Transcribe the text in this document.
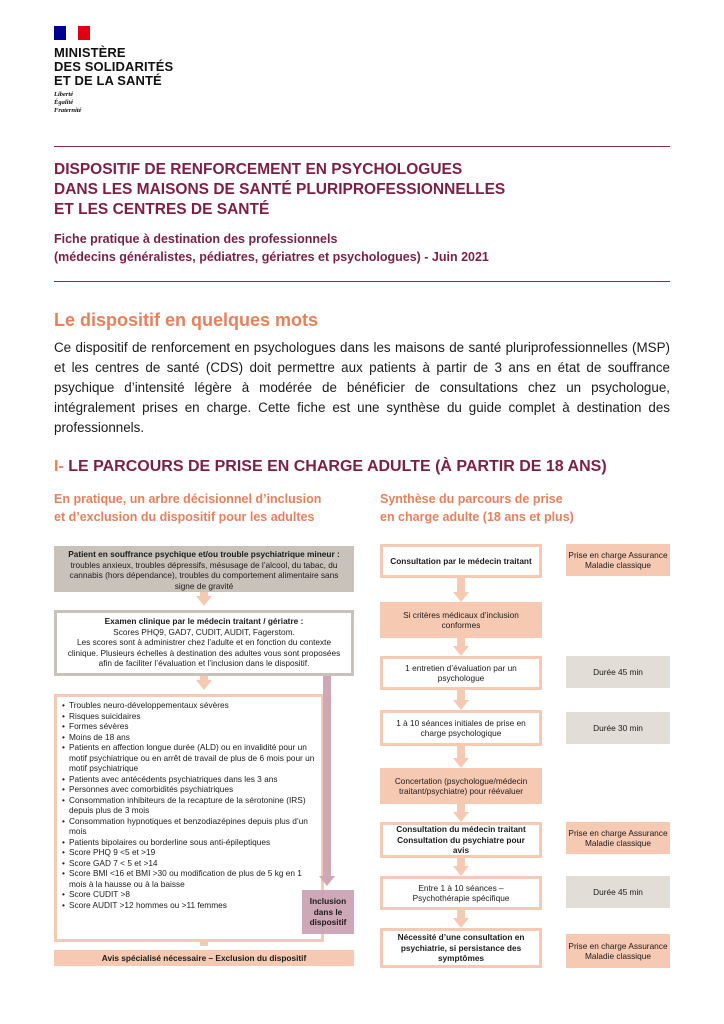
MINISTÈRE
DES SOLIDARITÉS
ET DE LA SANTÉ
Liberté
Égalité
Fraternité
DISPOSITIF DE RENFORCEMENT EN PSYCHOLOGUES
DANS LES MAISONS DE SANTÉ PLURIPROFESSIONNELLES
ET LES CENTRES DE SANTÉ
Fiche pratique à destination des professionnels
(médecins généralistes, pédiatres, gériatres et psychologues) - Juin 2021
Le dispositif en quelques mots
Ce dispositif de renforcement en psychologues dans les maisons de santé pluriprofessionnelles (MSP) et les centres de santé (CDS) doit permettre aux patients à partir de 3 ans en état de souffrance psychique d’intensité légère à modérée de bénéficier de consultations chez un psychologue, intégralement prises en charge. Cette fiche est une synthèse du guide complet à destination des professionnels.
I- LE PARCOURS DE PRISE EN CHARGE ADULTE (À PARTIR DE 18 ANS)
En pratique, un arbre décisionnel d’inclusion
et d’exclusion du dispositif pour les adultes
Synthèse du parcours de prise
en charge adulte (18 ans et plus)
Patient en souffrance psychique et/ou trouble psychiatrique mineur : troubles anxieux, troubles dépressifs, mésusage de l’alcool, du tabac, du cannabis (hors dépendance), troubles du comportement alimentaire sans signe de gravité
Examen clinique par le médecin traitant / gériatre :
Scores PHQ9, GAD7, CUDIT, AUDIT, Fagerstom.
Les scores sont à administrer chez l’adulte et en fonction du contexte clinique. Plusieurs échelles à destination des adultes vous sont proposées afin de faciliter l’évaluation et l’inclusion dans le dispositif.
• Troubles neuro-développementaux sévères
• Risques suicidaires
• Formes sévères
• Moins de 18 ans
• Patients en affection longue durée (ALD) ou en invalidité pour un motif psychiatrique ou en arrêt de travail de plus de 6 mois pour un motif psychiatrique
• Patients avec antécédents psychiatriques dans les 3 ans
• Personnes avec comorbidités psychiatriques
• Consommation inhibiteurs de la recapture de la sérotonine (IRS) depuis plus de 3 mois
• Consommation hypnotiques et benzodiazépines depuis plus d’un mois
• Patients bipolaires ou borderline sous anti-épileptiques
• Score PHQ 9 <5 et >19
• Score GAD 7 < 5 et >14
• Score BMI <16 et BMI >30 ou modification de plus de 5 kg en 1 mois à la hausse ou à la baisse
• Score CUDIT >8
• Score AUDIT >12 hommes ou >11 femmes
Avis spécialisé nécessaire – Exclusion du dispositif
Inclusion dans le dispositif
Consultation par le médecin traitant
Prise en charge Assurance Maladie classique
Si critères médicaux d’inclusion conformes
1 entretien d’évaluation par un psychologue
Durée 45 min
1 à 10 séances initiales de prise en charge psychologique
Durée 30 min
Concertation (psychologue/médecin traitant/psychiatre) pour réévaluer
Consultation du médecin traitant Consultation du psychiatre pour avis
Prise en charge Assurance Maladie classique
Entre 1 à 10 séances – Psychothérapie spécifique
Durée 45 min
Nécessité d’une consultation en psychiatrie, si persistance des symptômes
Prise en charge Assurance Maladie classique
